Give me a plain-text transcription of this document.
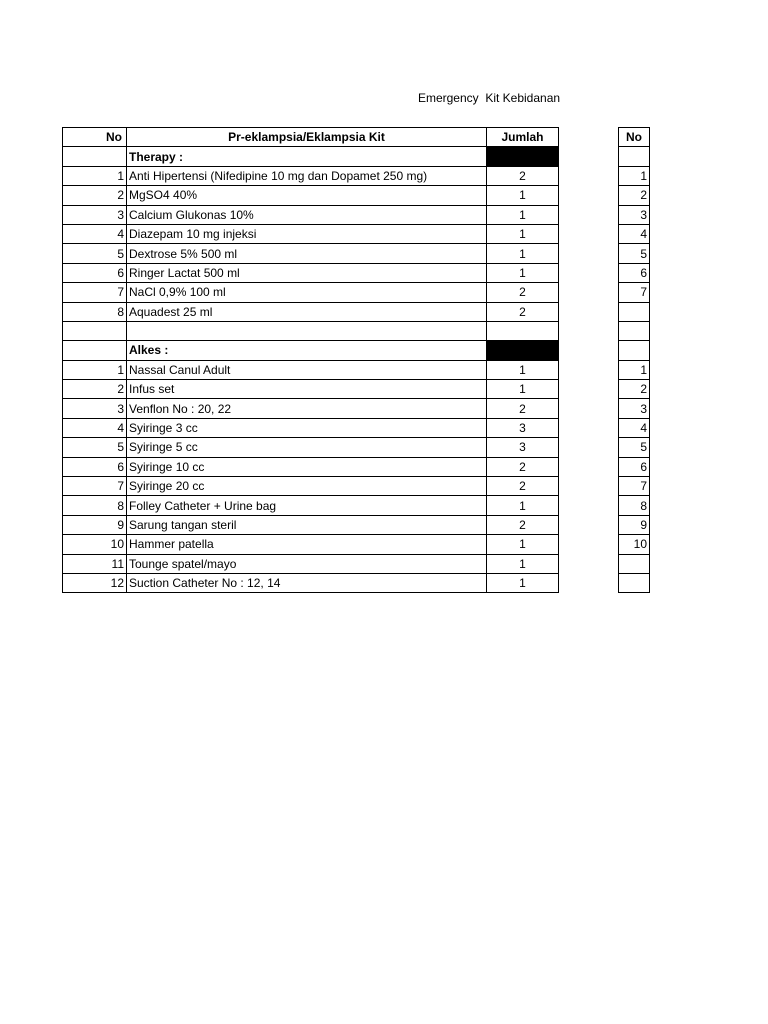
Emergency  Kit Kebidanan
No	Pr-eklampsia/Eklampsia Kit	Jumlah
	Therapy :	
1	Anti Hipertensi (Nifedipine 10 mg dan Dopamet 250 mg)	2
2	MgSO4 40%	1
3	Calcium Glukonas 10%	1
4	Diazepam 10 mg injeksi	1
5	Dextrose 5% 500 ml	1
6	Ringer Lactat 500 ml	1
7	NaCl 0,9% 100 ml	2
8	Aquadest 25 ml	2

	Alkes :	
1	Nassal Canul Adult	1
2	Infus set	1
3	Venflon No : 20, 22	2
4	Syiringe 3 cc	3
5	Syiringe 5 cc	3
6	Syiringe 10 cc	2
7	Syiringe 20 cc	2
8	Folley Catheter + Urine bag	1
9	Sarung tangan steril	2
10	Hammer patella	1
11	Tounge spatel/mayo	1
12	Suction Catheter No : 12, 14	1
No

1
2
3
4
5
6
7

1
2
3
4
5
6
7
8
9
10
